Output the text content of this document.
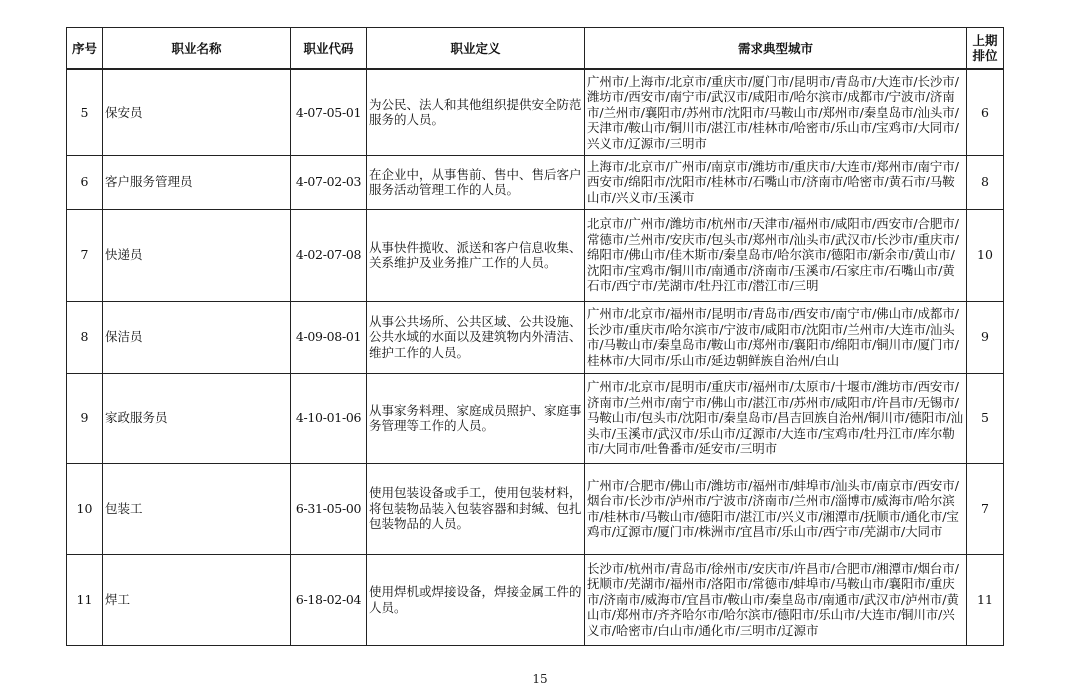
序号	职业名称	职业代码	职业定义	需求典型城市	上期排位
5	保安员	4-07-05-01	为公民、法人和其他组织提供安全防范服务的人员。	广州市/上海市/北京市/重庆市/厦门市/昆明市/青岛市/大连市/长沙市/潍坊市/西安市/南宁市/武汉市/咸阳市/哈尔滨市/成都市/宁波市/济南市/兰州市/襄阳市/苏州市/沈阳市/马鞍山市/郑州市/秦皇岛市/汕头市/天津市/鞍山市/铜川市/湛江市/桂林市/哈密市/乐山市/宝鸡市/大同市/兴义市/辽源市/三明市	6
6	客户服务管理员	4-07-02-03	在企业中，从事售前、售中、售后客户服务活动管理工作的人员。	上海市/北京市/广州市/南京市/潍坊市/重庆市/大连市/郑州市/南宁市/西安市/绵阳市/沈阳市/桂林市/石嘴山市/济南市/哈密市/黄石市/马鞍山市/兴义市/玉溪市	8
7	快递员	4-02-07-08	从事快件揽收、派送和客户信息收集、关系维护及业务推广工作的人员。	北京市/广州市/潍坊市/杭州市/天津市/福州市/咸阳市/西安市/合肥市/常德市/兰州市/安庆市/包头市/郑州市/汕头市/武汉市/长沙市/重庆市/绵阳市/佛山市/佳木斯市/秦皇岛市/哈尔滨市/德阳市/新余市/黄山市/沈阳市/宝鸡市/铜川市/南通市/济南市/玉溪市/石家庄市/石嘴山市/黄石市/西宁市/芜湖市/牡丹江市/潜江市/三明	10
8	保洁员	4-09-08-01	从事公共场所、公共区域、公共设施、公共水域的水面以及建筑物内外清洁、维护工作的人员。	广州市/北京市/福州市/昆明市/青岛市/西安市/南宁市/佛山市/成都市/长沙市/重庆市/哈尔滨市/宁波市/咸阳市/沈阳市/兰州市/大连市/汕头市/马鞍山市/秦皇岛市/鞍山市/郑州市/襄阳市/绵阳市/铜川市/厦门市/桂林市/大同市/乐山市/延边朝鲜族自治州/白山	9
9	家政服务员	4-10-01-06	从事家务料理、家庭成员照护、家庭事务管理等工作的人员。	广州市/北京市/昆明市/重庆市/福州市/太原市/十堰市/潍坊市/西安市/济南市/兰州市/南宁市/佛山市/湛江市/苏州市/咸阳市/许昌市/无锡市/马鞍山市/包头市/沈阳市/秦皇岛市/昌吉回族自治州/铜川市/德阳市/汕头市/玉溪市/武汉市/乐山市/辽源市/大连市/宝鸡市/牡丹江市/库尔勒市/大同市/吐鲁番市/延安市/三明市	5
10	包装工	6-31-05-00	使用包装设备或手工，使用包装材料，将包装物品装入包装容器和封缄、包扎包装物品的人员。	广州市/合肥市/佛山市/潍坊市/福州市/蚌埠市/汕头市/南京市/西安市/烟台市/长沙市/泸州市/宁波市/济南市/兰州市/淄博市/威海市/哈尔滨市/桂林市/马鞍山市/德阳市/湛江市/兴义市/湘潭市/抚顺市/通化市/宝鸡市/辽源市/厦门市/株洲市/宜昌市/乐山市/西宁市/芜湖市/大同市	7
11	焊工	6-18-02-04	使用焊机或焊接设备，焊接金属工件的人员。	长沙市/杭州市/青岛市/徐州市/安庆市/许昌市/合肥市/湘潭市/烟台市/抚顺市/芜湖市/福州市/洛阳市/常德市/蚌埠市/马鞍山市/襄阳市/重庆市/济南市/威海市/宜昌市/鞍山市/秦皇岛市/南通市/武汉市/泸州市/黄山市/郑州市/齐齐哈尔市/哈尔滨市/德阳市/乐山市/大连市/铜川市/兴义市/哈密市/白山市/通化市/三明市/辽源市	11
15
